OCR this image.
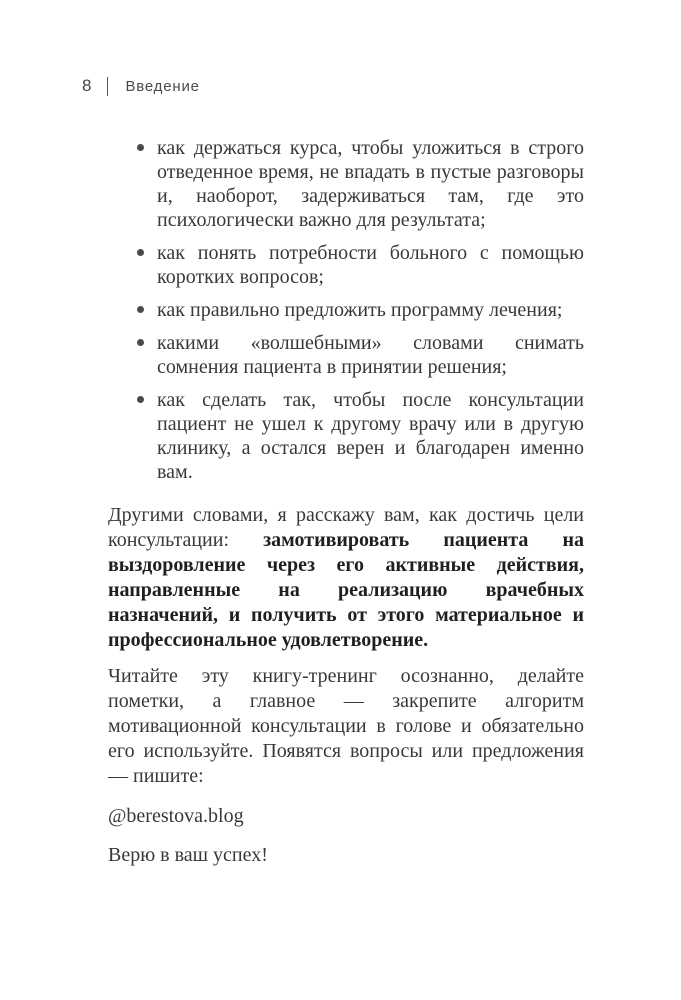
8 Введение
как держаться курса, чтобы уложиться в строго отведенное время, не впадать в пустые разговоры и, наоборот, задерживаться там, где это психологически важно для результата;
как понять потребности больного с помощью коротких вопросов;
как правильно предложить программу лечения;
какими «волшебными» словами снимать сомнения пациента в принятии решения;
как сделать так, чтобы после консультации пациент не ушел к другому врачу или в другую клинику, а остался верен и благодарен именно вам.

Другими словами, я расскажу вам, как достичь цели консультации: замотивировать пациента на выздоровление через его активные действия, направленные на реализацию врачебных назначений, и получить от этого материальное и профессиональное удовлетворение.

Читайте эту книгу-тренинг осознанно, делайте пометки, а главное — закрепите алгоритм мотивационной консультации в голове и обязательно его используйте. Появятся вопросы или предложения — пишите:

@berestova.blog

Верю в ваш успех!
